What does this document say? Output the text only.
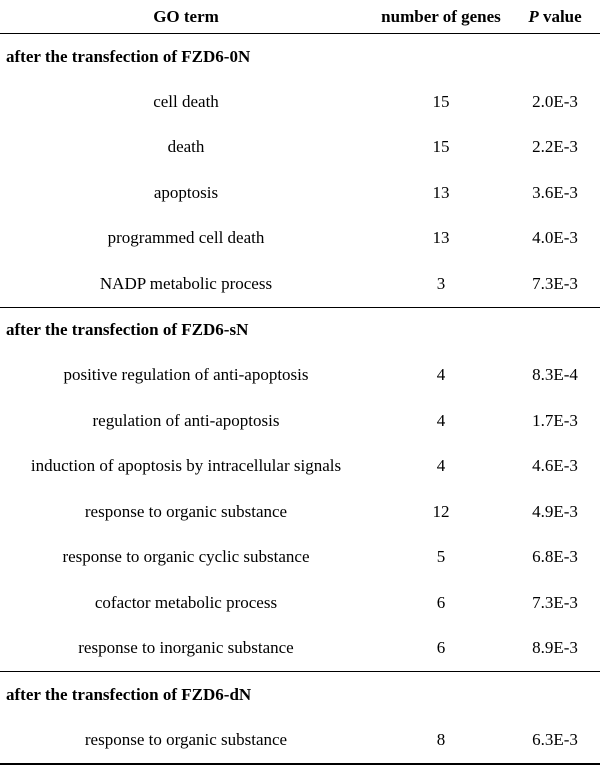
GO term	number of genes	P value
after the transfection of FZD6-0N		
cell death	15	2.0E-3
death	15	2.2E-3
apoptosis	13	3.6E-3
programmed cell death	13	4.0E-3
NADP metabolic process	3	7.3E-3
after the transfection of FZD6-sN		
positive regulation of anti-apoptosis	4	8.3E-4
regulation of anti-apoptosis	4	1.7E-3
induction of apoptosis by intracellular signals	4	4.6E-3
response to organic substance	12	4.9E-3
response to organic cyclic substance	5	6.8E-3
cofactor metabolic process	6	7.3E-3
response to inorganic substance	6	8.9E-3
after the transfection of FZD6-dN		
response to organic substance	8	6.3E-3
